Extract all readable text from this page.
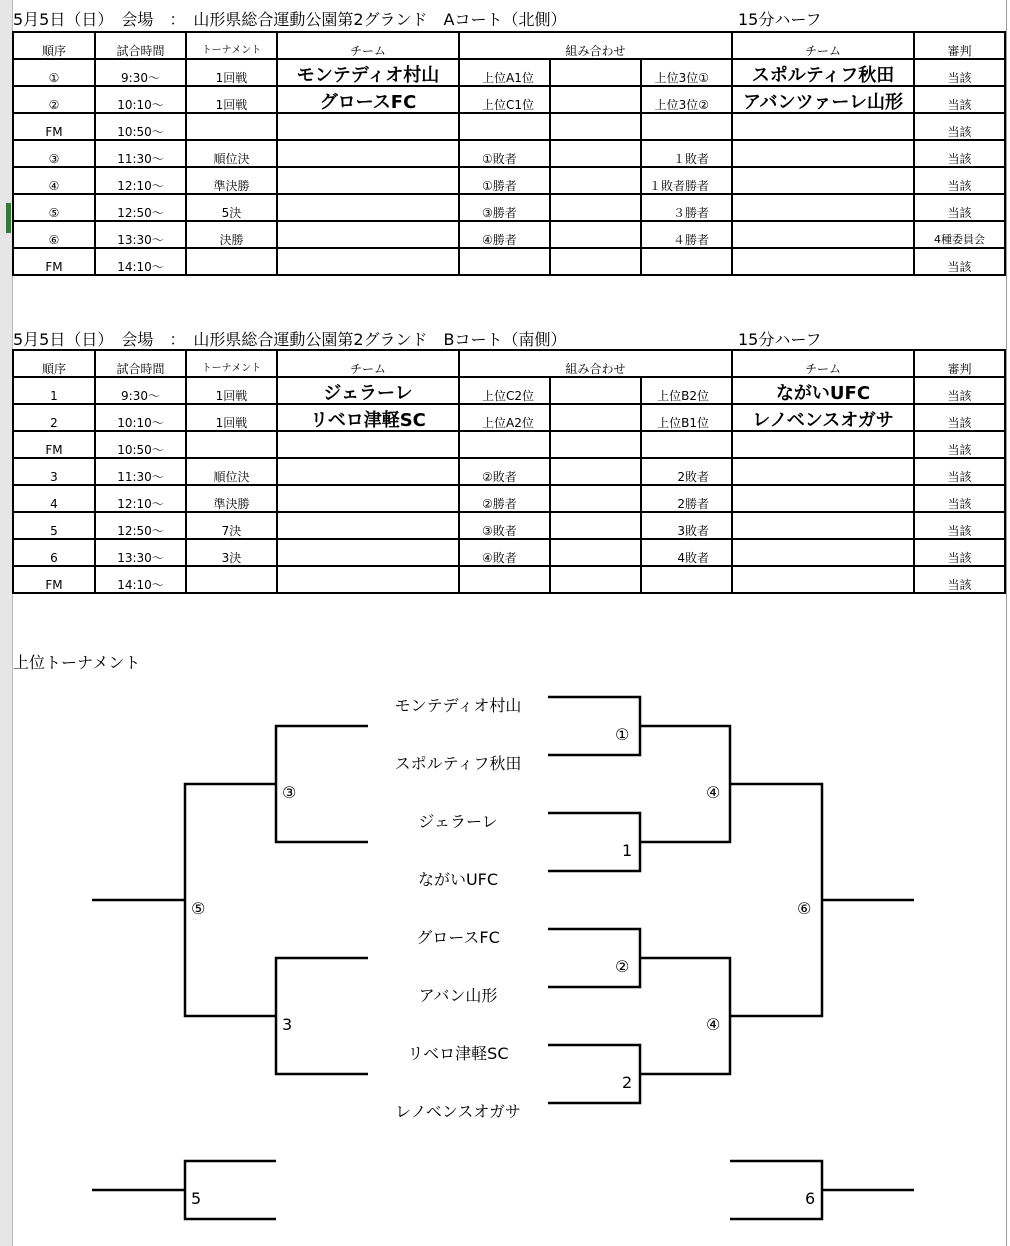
5月5日（日）　会場　：　山形県総合運動公園第2グランド　Aコート（北側）	15分ハーフ
順序	試合時間	トーナメント	チーム	組み合わせ			チーム	審判
①	9:30～	1回戦	モンテディオ村山	上位A1位		上位3位①	スポルティフ秋田	当該
②	10:10～	1回戦	グロースFC	上位C1位		上位3位②	アバンツァーレ山形	当該
FM	10:50～							当該
③	11:30～	順位決		①敗者		１敗者		当該
④	12:10～	準決勝		①勝者		１敗者勝者		当該
⑤	12:50～	5決		③勝者		３勝者		当該
⑥	13:30～	決勝		④勝者		４勝者		4種委員会
FM	14:10～							当該
5月5日（日）　会場　：　山形県総合運動公園第2グランド　Bコート（南側）	15分ハーフ
順序	試合時間	トーナメント	チーム	組み合わせ			チーム	審判
1	9:30～	1回戦	ジェラーレ	上位C2位		上位B2位	ながいUFC	当該
2	10:10～	1回戦	リベロ津軽SC	上位A2位		上位B1位	レノベンスオガサ	当該
FM	10:50～							当該
3	11:30～	順位決		②敗者		2敗者		当該
4	12:10～	準決勝		②勝者		2勝者		当該
5	12:50～	7決		③敗者		3敗者		当該
6	13:30～	3決		④敗者		4敗者		当該
FM	14:10～							当該
上位トーナメント
モンテディオ村山
スポルティフ秋田
ジェラーレ
ながいUFC
グロースFC
アバン山形
リベロ津軽SC
レノベンスオガサ
①
1
②
2
④
④
⑥
③
3
⑤
5	6
